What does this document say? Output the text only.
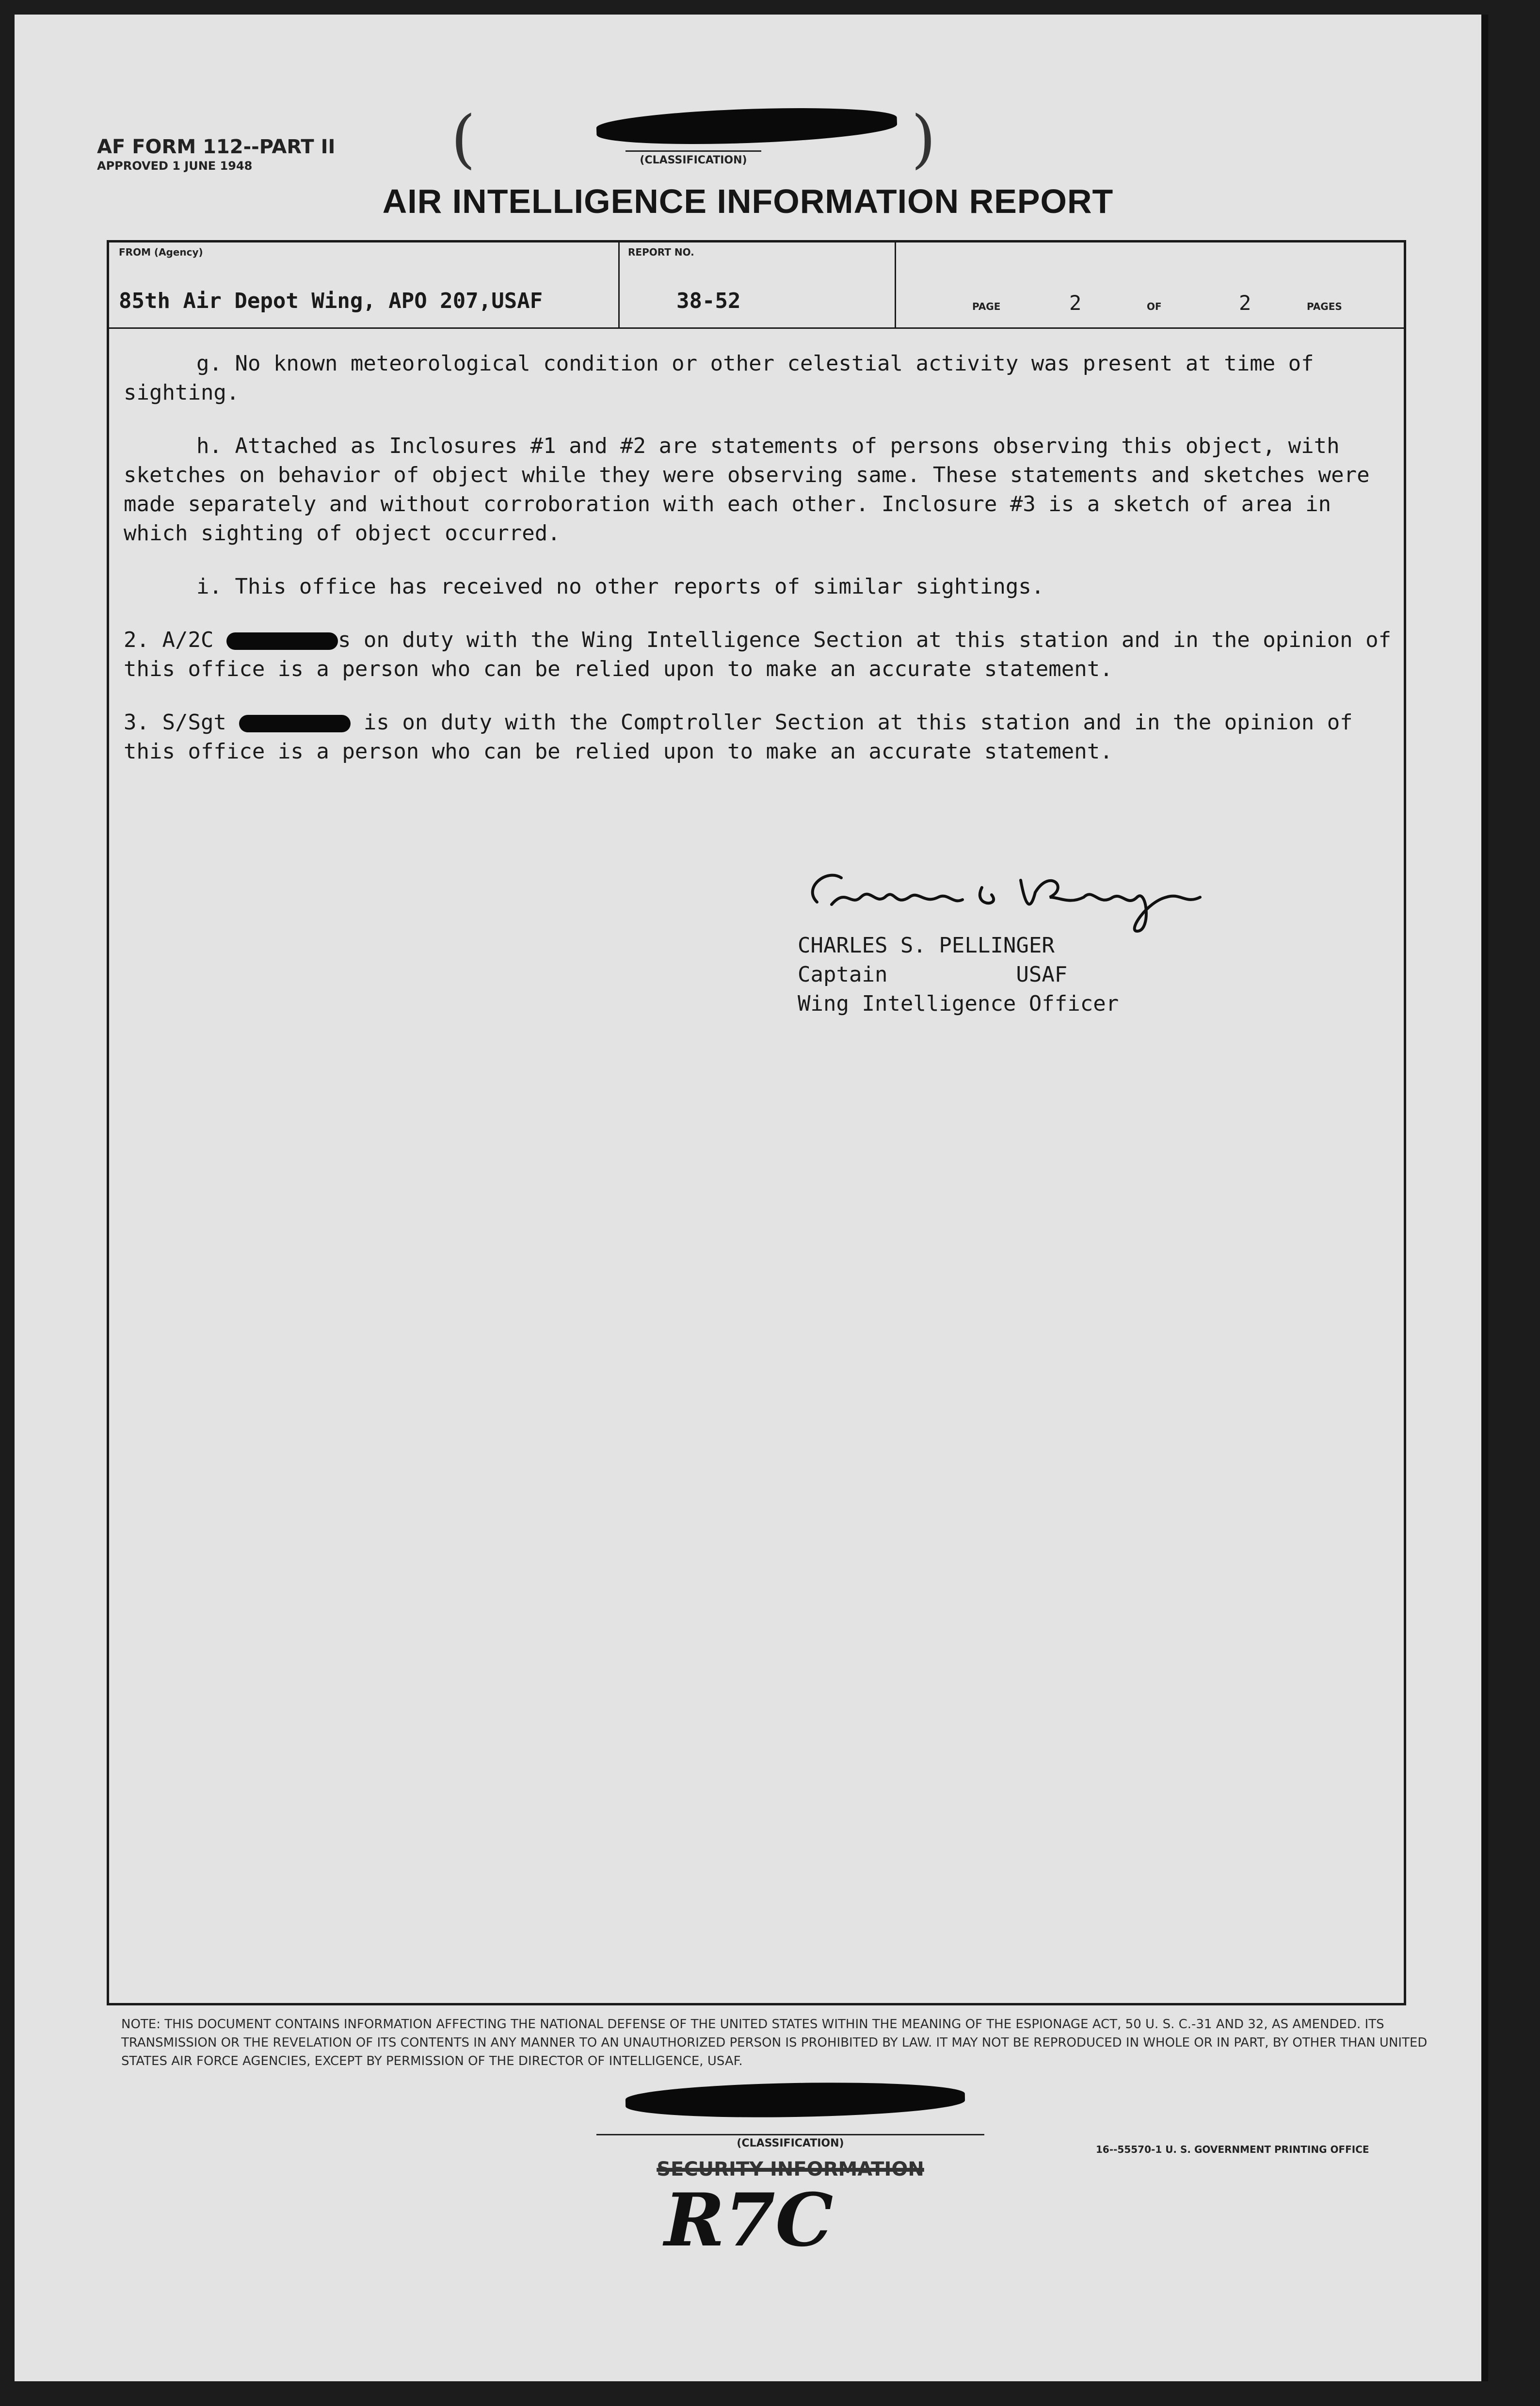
AF FORM 112--PART II
APPROVED 1 JUNE 1948	(	)
(CLASSIFICATION)
AIR INTELLIGENCE INFORMATION REPORT
FROM (Agency)
85th Air Depot Wing, APO 207,USAF
REPORT NO.
38-52	PAGE	2	OF	2	PAGES

g. No known meteorological condition or other celestial activity was present at time of sighting.

h. Attached as Inclosures #1 and #2 are statements of persons observing this object, with sketches on behavior of object while they were observing same. These statements and sketches were made separately and without corroboration with each other. Inclosure #3 is a sketch of area in which sighting of object occurred.

i. This office has received no other reports of similar sightings.

2. A/2C	s on duty with the Wing Intelligence Section at this station and in the opinion of this office is a person who can be relied upon to make an accurate statement.

3. S/Sgt	is on duty with the Comptroller Section at this station and in the opinion of this office is a person who can be relied upon to make an accurate statement.

CHARLES S. PELLINGER
Captain          USAF
Wing Intelligence Officer
NOTE: THIS DOCUMENT CONTAINS INFORMATION AFFECTING THE NATIONAL DEFENSE OF THE UNITED STATES WITHIN THE MEANING OF THE ESPIONAGE ACT, 50 U. S. C.-31 AND 32, AS AMENDED. ITS TRANSMISSION OR THE REVELATION OF ITS CONTENTS IN ANY MANNER TO AN UNAUTHORIZED PERSON IS PROHIBITED BY LAW. IT MAY NOT BE REPRODUCED IN WHOLE OR IN PART, BY OTHER THAN UNITED STATES AIR FORCE AGENCIES, EXCEPT BY PERMISSION OF THE DIRECTOR OF INTELLIGENCE, USAF.
(CLASSIFICATION)
SECURITY INFORMATION
16--55570-1 U. S. GOVERNMENT PRINTING OFFICE
R7C
